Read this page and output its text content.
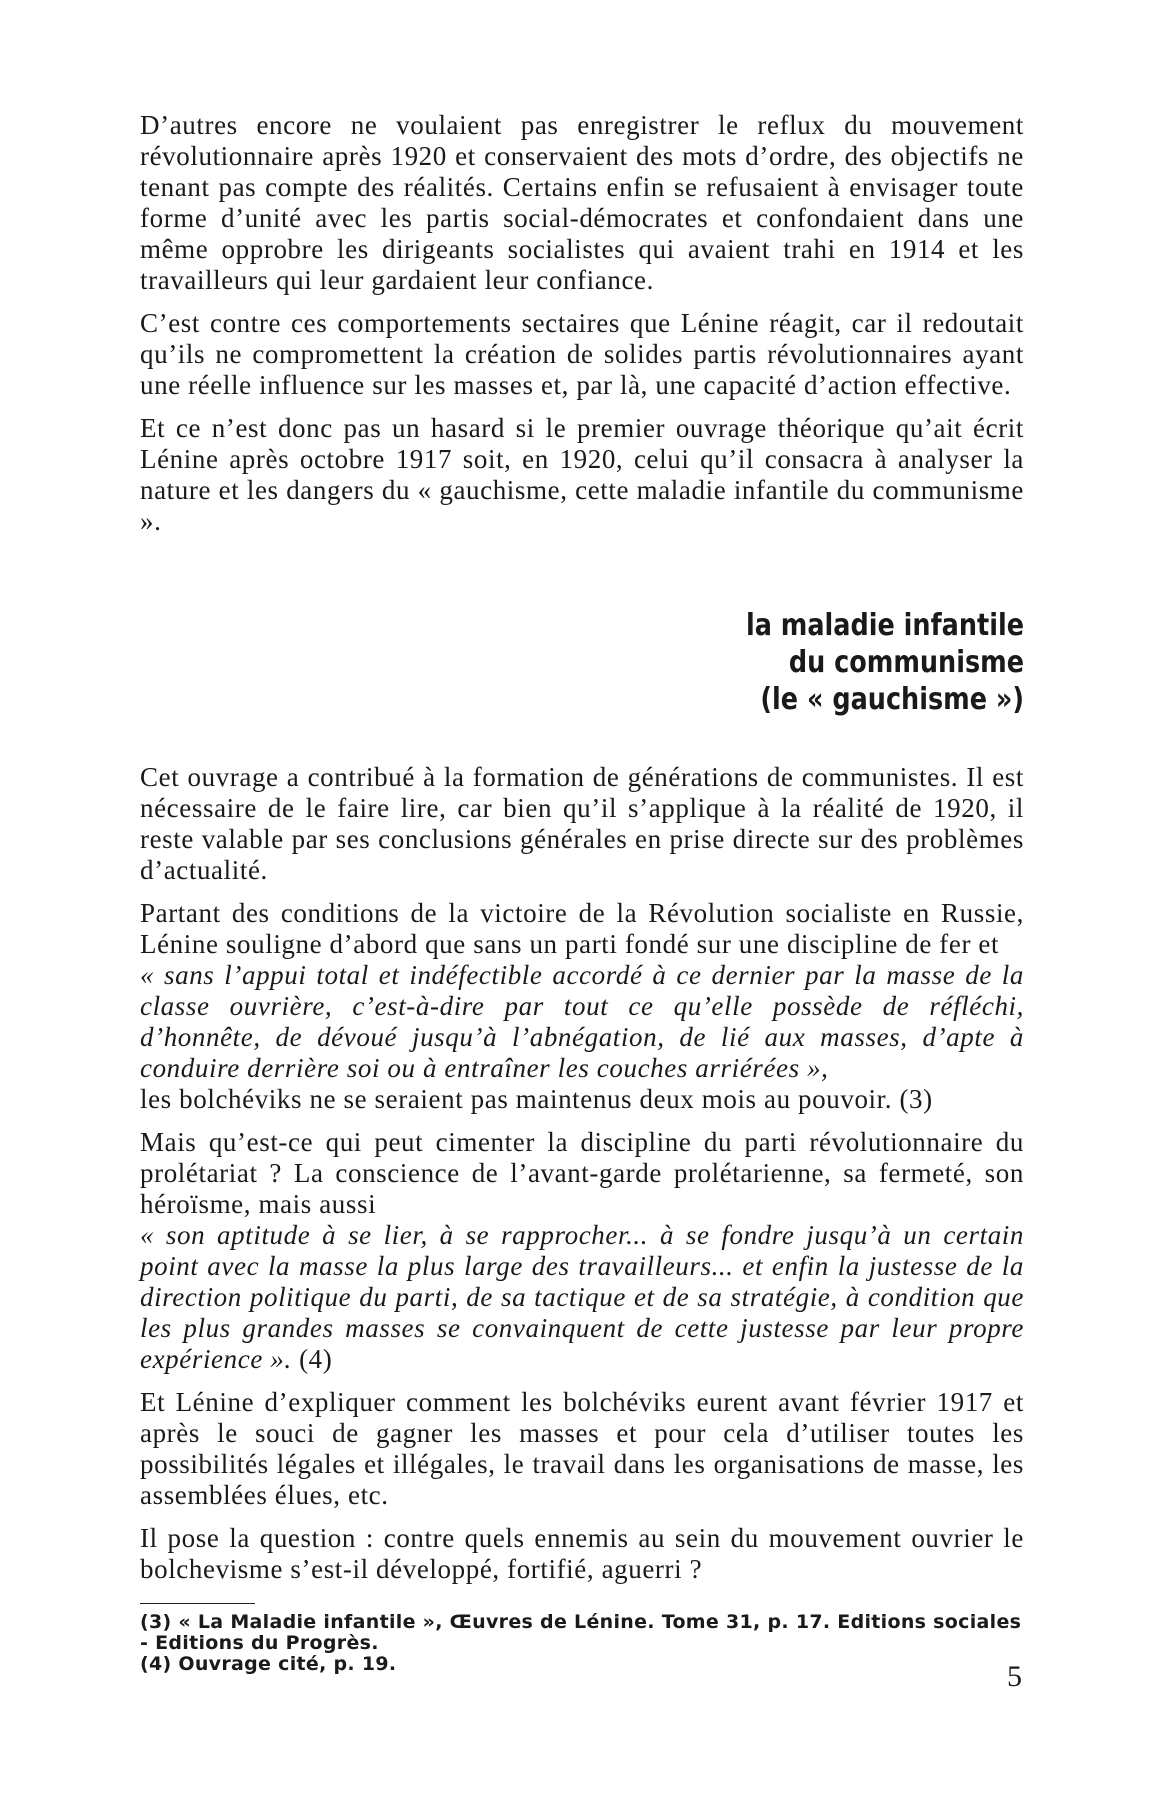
D’autres encore ne voulaient pas enregistrer le reflux du mouvement révolutionnaire après 1920 et conservaient des mots d’ordre, des objectifs ne tenant pas compte des réalités. Certains enfin se refusaient à envisager toute forme d’unité avec les partis social-démocrates et confondaient dans une même opprobre les dirigeants socialistes qui avaient trahi en 1914 et les travailleurs qui leur gardaient leur confiance.

C’est contre ces comportements sectaires que Lénine réagit, car il redoutait qu’ils ne compromettent la création de solides partis révolutionnaires ayant une réelle influence sur les masses et, par là, une capacité d’action effective.

Et ce n’est donc pas un hasard si le premier ouvrage théorique qu’ait écrit Lénine après octobre 1917 soit, en 1920, celui qu’il consacra à analyser la nature et les dangers du « gauchisme, cette maladie infantile du communisme ».

la maladie infantile
du communisme
(le « gauchisme »)

Cet ouvrage a contribué à la formation de générations de communistes. Il est nécessaire de le faire lire, car bien qu’il s’applique à la réalité de 1920, il reste valable par ses conclusions générales en prise directe sur des problèmes d’actualité.

Partant des conditions de la victoire de la Révolution socialiste en Russie, Lénine souligne d’abord que sans un parti fondé sur une discipline de fer et

« sans l’appui total et indéfectible accordé à ce dernier par la masse de la classe ouvrière, c’est-à-dire par tout ce qu’elle possède de réfléchi, d’honnête, de dévoué jusqu’à l’abnégation, de lié aux masses, d’apte à conduire derrière soi ou à entraîner les couches arriérées »,

les bolchéviks ne se seraient pas maintenus deux mois au pouvoir. (3)

Mais qu’est-ce qui peut cimenter la discipline du parti révolutionnaire du prolétariat ? La conscience de l’avant-garde prolétarienne, sa fermeté, son héroïsme, mais aussi

« son aptitude à se lier, à se rapprocher... à se fondre jusqu’à un certain point avec la masse la plus large des travailleurs... et enfin la justesse de la direction politique du parti, de sa tactique et de sa stratégie, à condition que les plus grandes masses se convainquent de cette justesse par leur propre expérience ». (4)

Et Lénine d’expliquer comment les bolchéviks eurent avant février 1917 et après le souci de gagner les masses et pour cela d’utiliser toutes les possibilités légales et illégales, le travail dans les organisations de masse, les assemblées élues, etc.

Il pose la question : contre quels ennemis au sein du mouvement ouvrier le bolchevisme s’est-il développé, fortifié, aguerri ?

(3) « La Maladie infantile », Œuvres de Lénine. Tome 31, p. 17. Editions sociales - Editions du Progrès.

(4) Ouvrage cité, p. 19.	5
